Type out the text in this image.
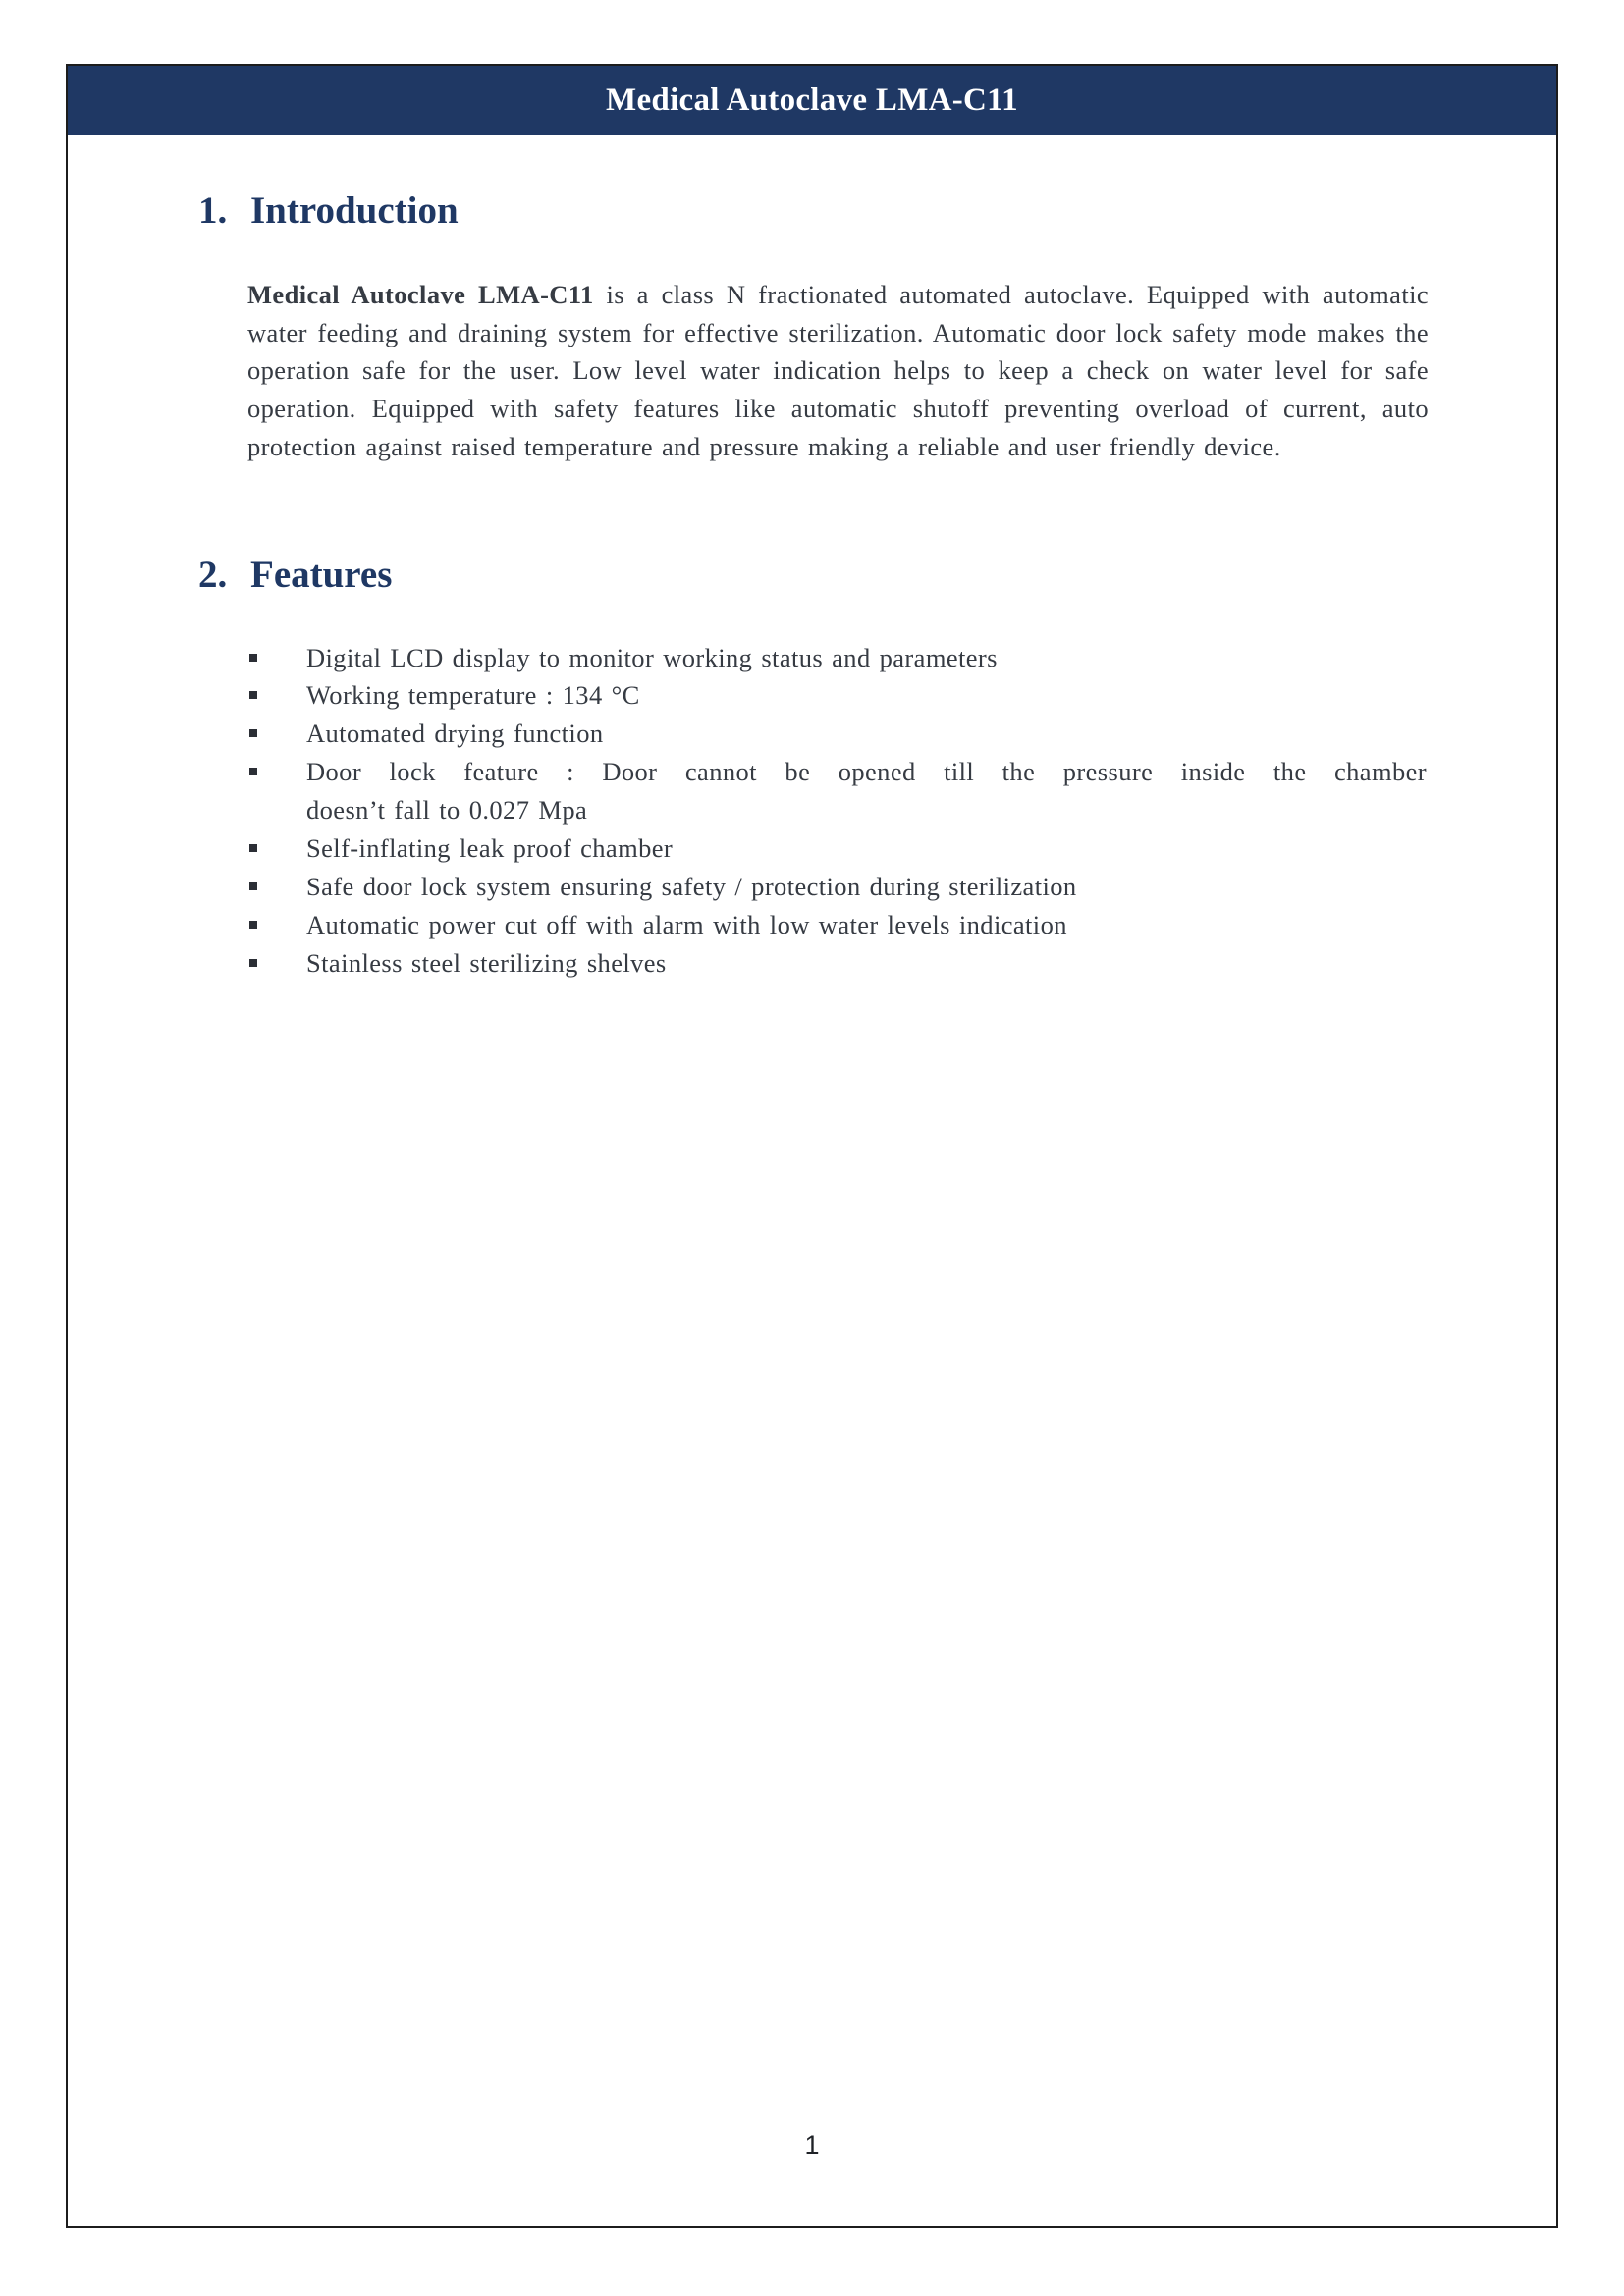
Medical Autoclave LMA-C11
1. Introduction

Medical Autoclave LMA-C11 is a class N fractionated automated autoclave. Equipped with automatic water feeding and draining system for effective sterilization. Automatic door lock safety mode makes the operation safe for the user. Low level water indication helps to keep a check on water level for safe operation. Equipped with safety features like automatic shutoff preventing overload of current, auto protection against raised temperature and pressure making a reliable and user friendly device.

2. Features
Digital LCD display to monitor working status and parameters
Working temperature : 134 °C
Automated drying function
Door lock feature : Door cannot be opened till the pressure inside the chamber
doesn’t fall to 0.027 Mpa
Self-inflating leak proof chamber
Safe door lock system ensuring safety / protection during sterilization
Automatic power cut off with alarm with low water levels indication
Stainless steel sterilizing shelves
1
